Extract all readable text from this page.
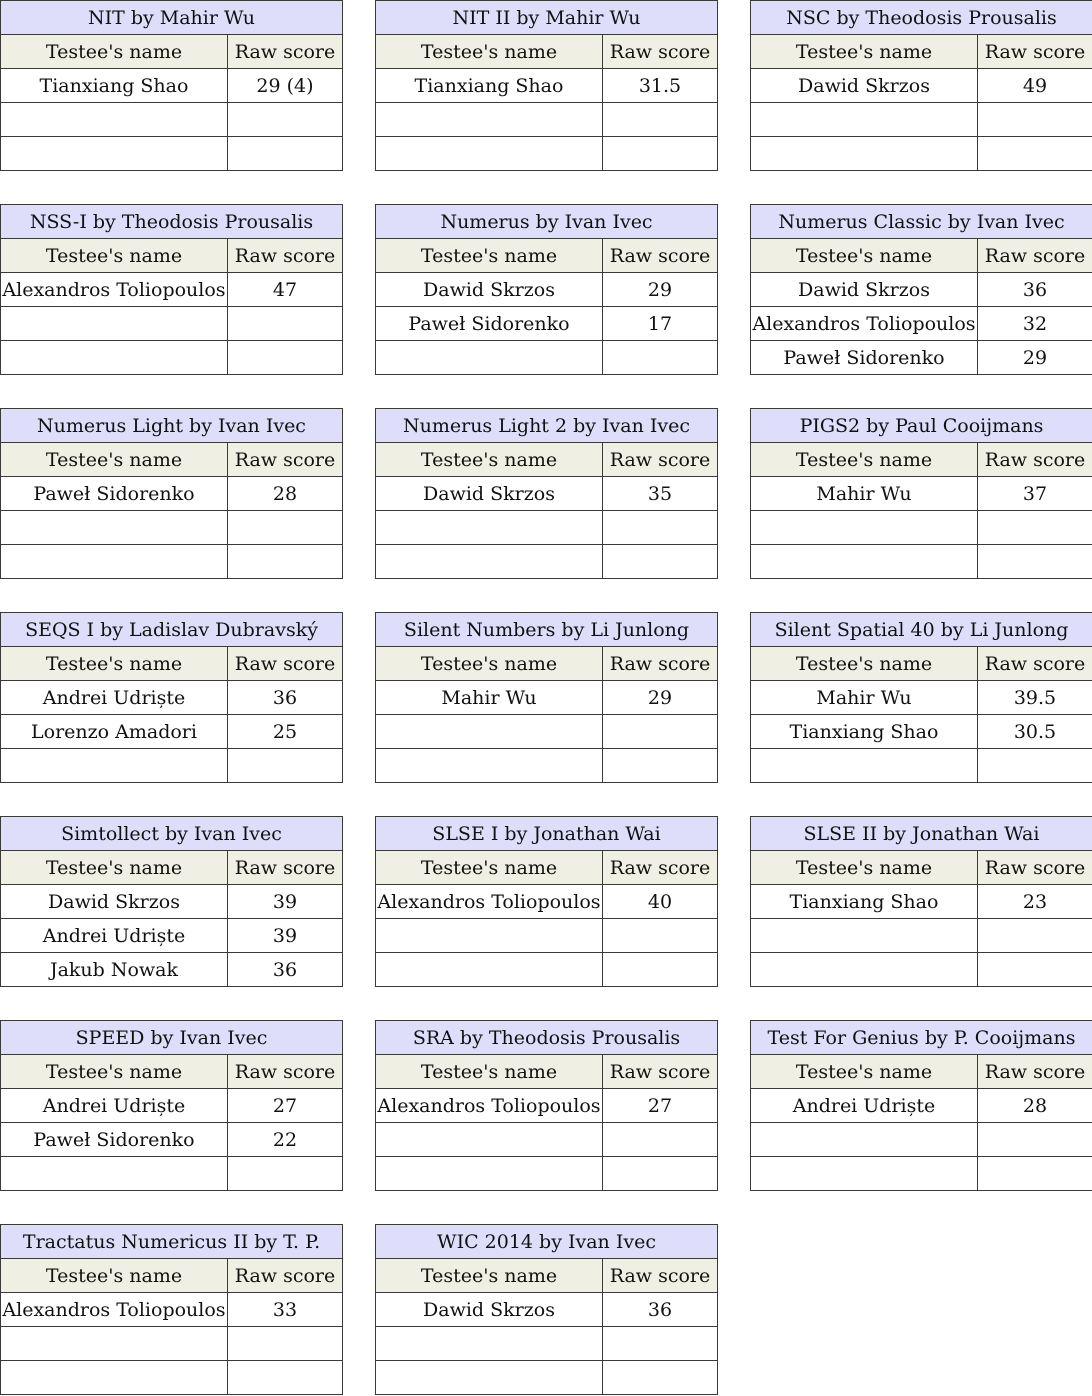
NIT by Mahir Wu	
Testee's name	Raw score
Tianxiang Shao	29 (4)

NIT II by Mahir Wu	
Testee's name	Raw score
Tianxiang Shao	31.5

NSC by Theodosis Prousalis	
Testee's name	Raw score
Dawid Skrzos	49

NSS-I by Theodosis Prousalis	
Testee's name	Raw score
Alexandros Toliopoulos	47

Numerus by Ivan Ivec	
Testee's name	Raw score
Dawid Skrzos	29
Paweł Sidorenko	17

Numerus Classic by Ivan Ivec	
Testee's name	Raw score
Dawid Skrzos	36
Alexandros Toliopoulos	32
Paweł Sidorenko	29
Numerus Light by Ivan Ivec	
Testee's name	Raw score
Paweł Sidorenko	28

Numerus Light 2 by Ivan Ivec	
Testee's name	Raw score
Dawid Skrzos	35

PIGS2 by Paul Cooijmans	
Testee's name	Raw score
Mahir Wu	37

SEQS I by Ladislav Dubravský	
Testee's name	Raw score
Andrei Udriște	36
Lorenzo Amadori	25

Silent Numbers by Li Junlong	
Testee's name	Raw score
Mahir Wu	29

Silent Spatial 40 by Li Junlong	
Testee's name	Raw score
Mahir Wu	39.5
Tianxiang Shao	30.5

Simtollect by Ivan Ivec	
Testee's name	Raw score
Dawid Skrzos	39
Andrei Udriște	39
Jakub Nowak	36
SLSE I by Jonathan Wai	
Testee's name	Raw score
Alexandros Toliopoulos	40

SLSE II by Jonathan Wai	
Testee's name	Raw score
Tianxiang Shao	23

SPEED by Ivan Ivec	
Testee's name	Raw score
Andrei Udriște	27
Paweł Sidorenko	22

SRA by Theodosis Prousalis	
Testee's name	Raw score
Alexandros Toliopoulos	27

Test For Genius by P. Cooijmans	
Testee's name	Raw score
Andrei Udriște	28

Tractatus Numericus II by T. P.	
Testee's name	Raw score
Alexandros Toliopoulos	33

WIC 2014 by Ivan Ivec	
Testee's name	Raw score
Dawid Skrzos	36
